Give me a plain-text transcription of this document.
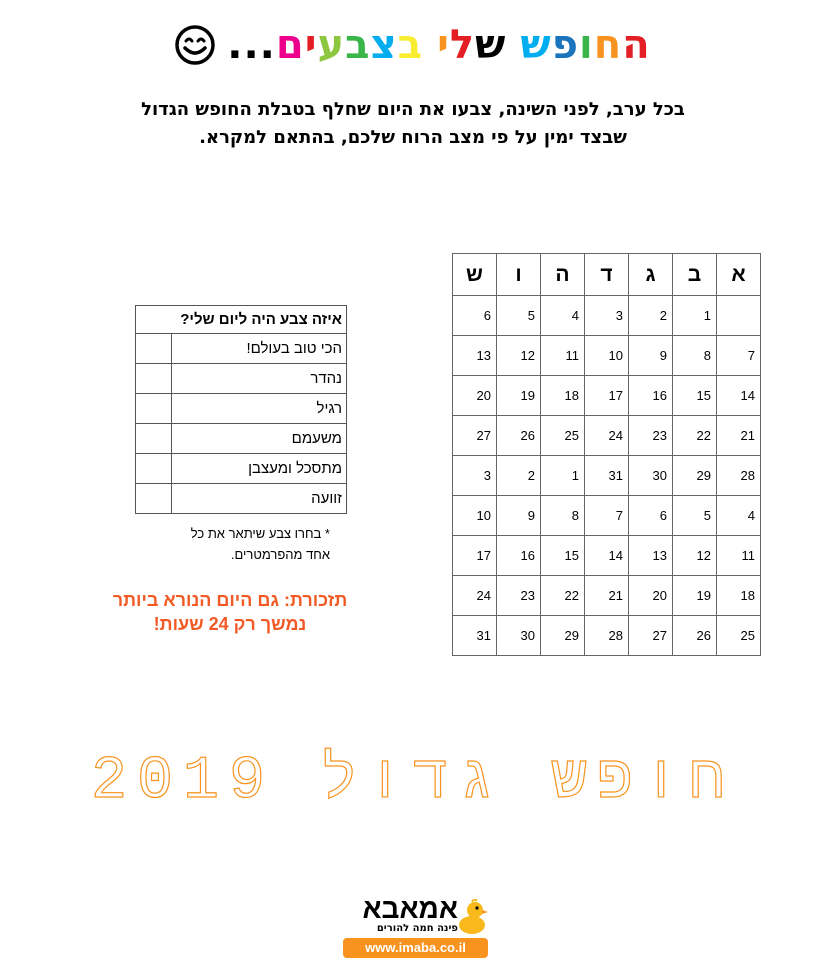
ה
ח
ו
פ
ש

ש
ל
י

ב
צ
ב
ע
י
ם
...
בכל ערב, לפני השינה, צבעו את היום שחלף בטבלת החופש הגדול
שבצד ימין על פי מצב הרוח שלכם, בהתאם למקרא.
א	ב	ג	ד	ה	ו	ש
	1	2	3	4	5	6
7	8	9	10	11	12	13
14	15	16	17	18	19	20
21	22	23	24	25	26	27
28	29	30	31	1	2	3
4	5	6	7	8	9	10
11	12	13	14	15	16	17
18	19	20	21	22	23	24
25	26	27	28	29	30	31
איזה צבע היה ליום שלי?	
הכי טוב בעולם!	
נהדר	
רגיל	
משעמם	
מתסכל ומעצבן	
זוועה	
* בחרו צבע שיתאר את כל
אחד מהפרמטרים.
תזכורת: גם היום הנורא ביותר
נמשך רק 24 שעות!
חופש גדול 2019
אמאבא
פינה חמה להורים
www.imaba.co.il
